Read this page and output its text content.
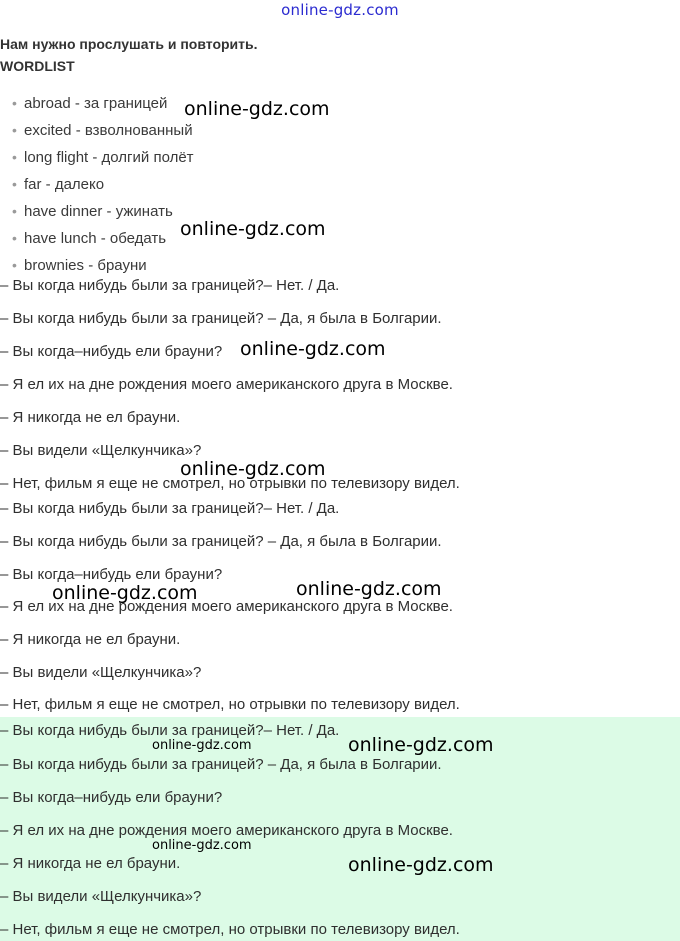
online-gdz.com
Нам нужно прослушать и повторить.
WORDLIST
• abroad - за границей
• excited - взволнованный
• long flight - долгий полёт
• far - далеко
• have dinner - ужинать
• have lunch - обедать
• brownies - брауни
– Вы когда нибудь были за границей?– Нет. / Да.
– Вы когда нибудь были за границей? – Да, я была в Болгарии.
– Вы когда–нибудь ели брауни?
– Я ел их на дне рождения моего американского друга в Москве.
– Я никогда не ел брауни.
– Вы видели «Щелкунчика»?
– Нет, фильм я еще не смотрел, но отрывки по телевизору видел.
– Вы когда нибудь были за границей?– Нет. / Да.
– Вы когда нибудь были за границей? – Да, я была в Болгарии.
– Вы когда–нибудь ели брауни?
– Я ел их на дне рождения моего американского друга в Москве.
– Я никогда не ел брауни.
– Вы видели «Щелкунчика»?
– Нет, фильм я еще не смотрел, но отрывки по телевизору видел.
– Вы когда нибудь были за границей?– Нет. / Да.
– Вы когда нибудь были за границей? – Да, я была в Болгарии.
– Вы когда–нибудь ели брауни?
– Я ел их на дне рождения моего американского друга в Москве.
– Я никогда не ел брауни.
– Вы видели «Щелкунчика»?
– Нет, фильм я еще не смотрел, но отрывки по телевизору видел.
online-gdz.com
online-gdz.com
online-gdz.com
online-gdz.com
online-gdz.com
online-gdz.com
online-gdz.com
online-gdz.com
online-gdz.com
online-gdz.com
